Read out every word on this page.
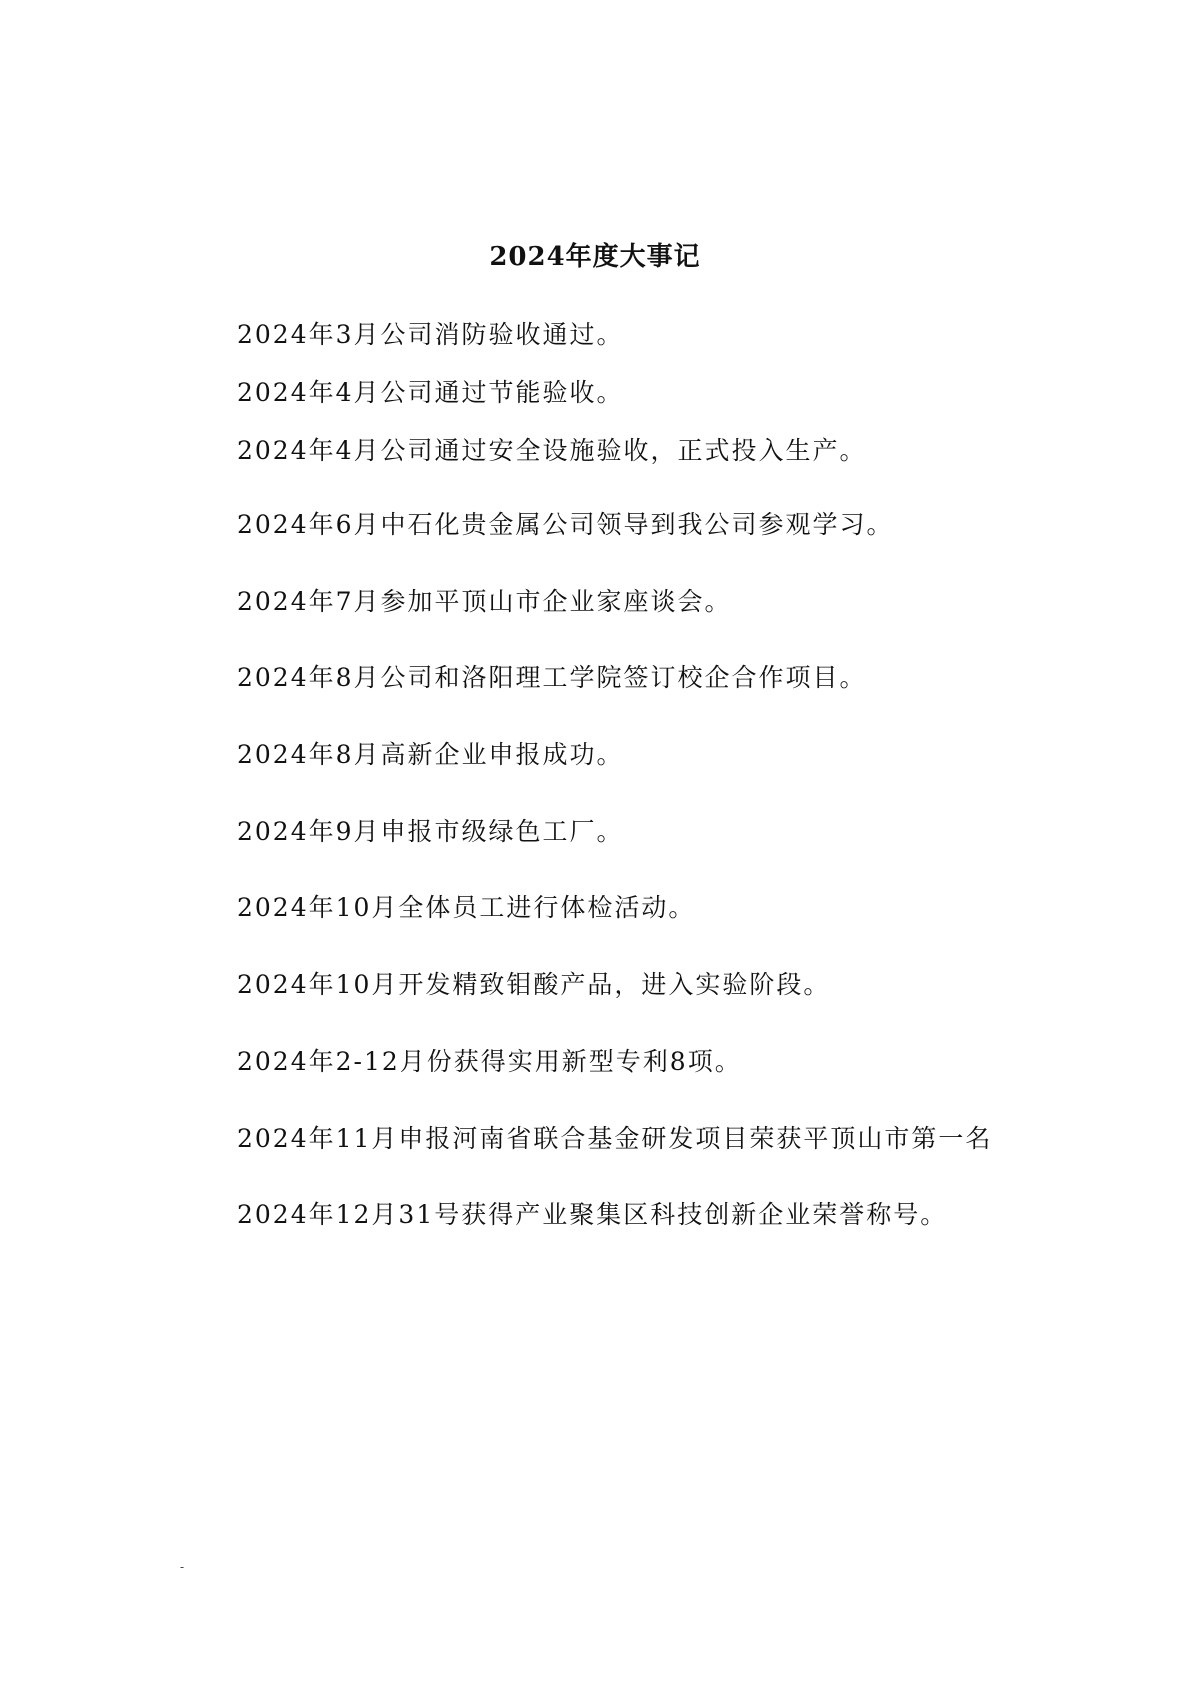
2024年度大事记
2024年3月公司消防验收通过。
2024年4月公司通过节能验收。
2024年4月公司通过安全设施验收，正式投入生产。
2024年6月中石化贵金属公司领导到我公司参观学习。
2024年7月参加平顶山市企业家座谈会。
2024年8月公司和洛阳理工学院签订校企合作项目。
2024年8月高新企业申报成功。
2024年9月申报市级绿色工厂。
2024年10月全体员工进行体检活动。
2024年10月开发精致钼酸产品，进入实验阶段。
2024年2-12月份获得实用新型专利8项。
2024年11月申报河南省联合基金研发项目荣获平顶山市第一名
2024年12月31号获得产业聚集区科技创新企业荣誉称号。
-
